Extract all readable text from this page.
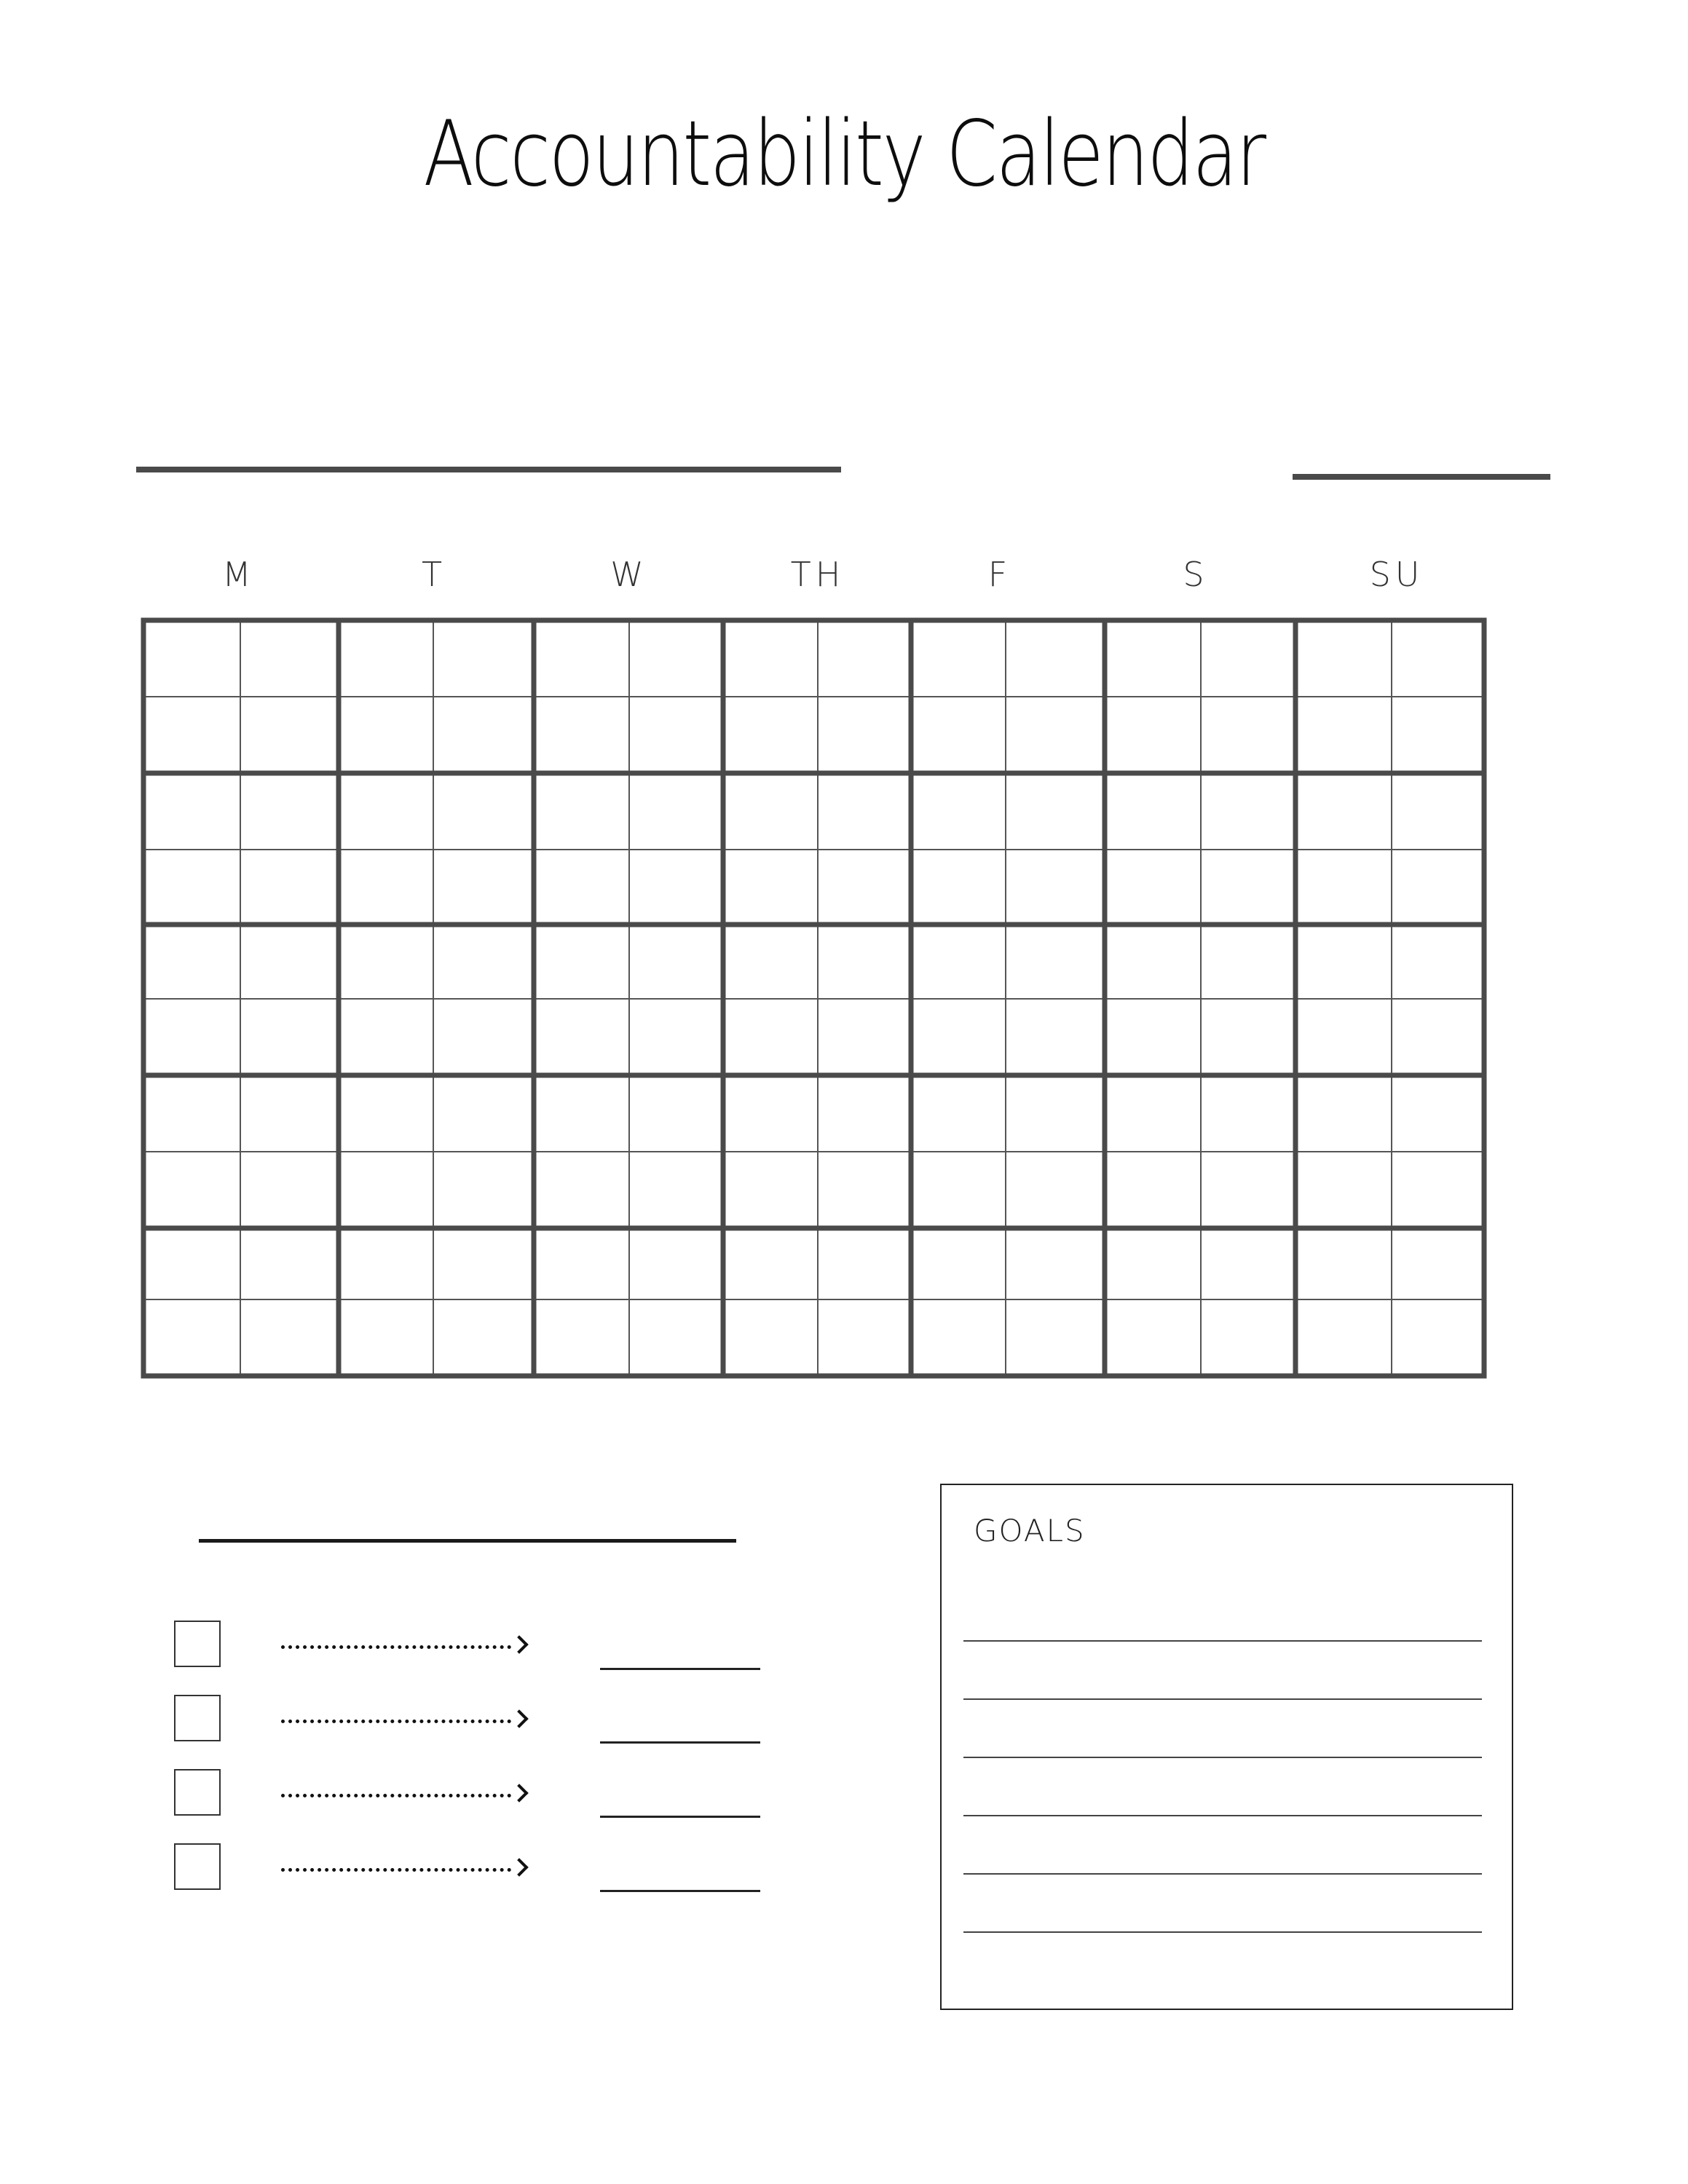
Accountability Calendar
M	T	W	TH	F	S	SU
GOALS
